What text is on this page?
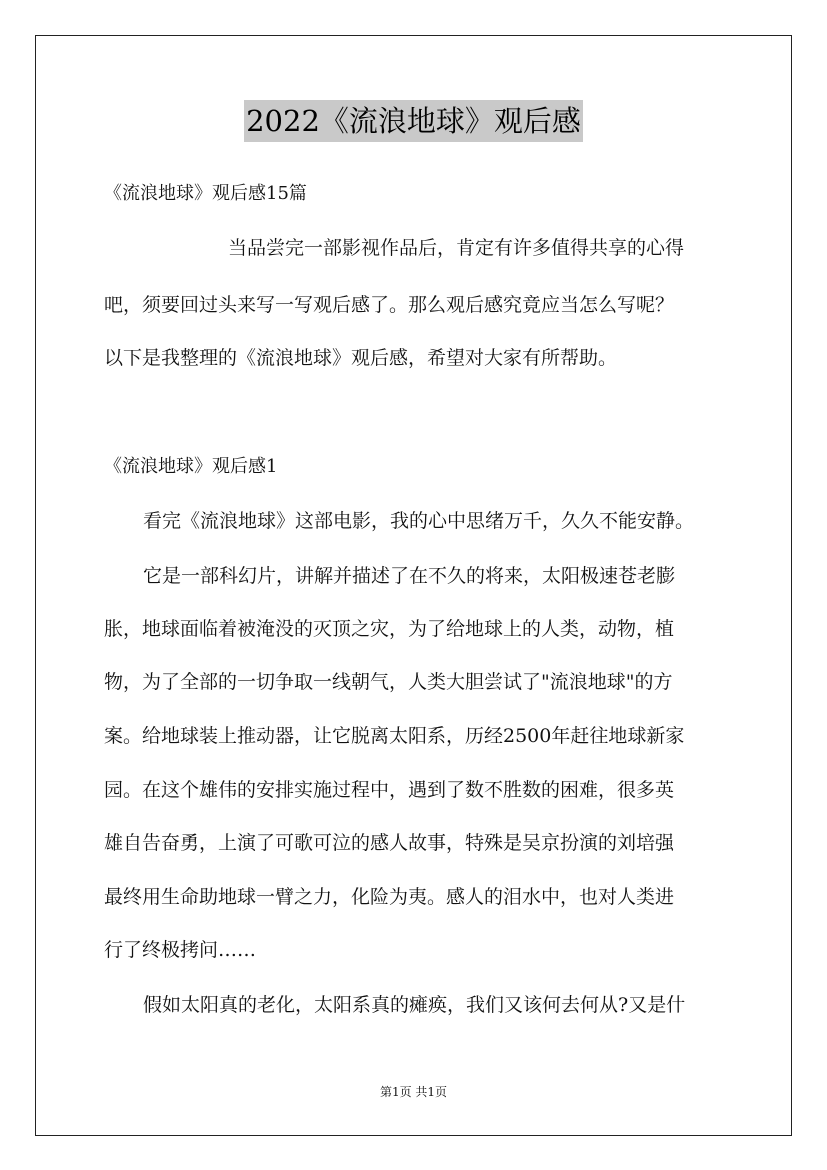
2022《流浪地球》观后感
《流浪地球》观后感15篇
当品尝完一部影视作品后，肯定有许多值得共享的心得
吧，须要回过头来写一写观后感了。那么观后感究竟应当怎么写呢？
以下是我整理的《流浪地球》观后感，希望对大家有所帮助。
《流浪地球》观后感1
看完《流浪地球》这部电影，我的心中思绪万千，久久不能安静。
它是一部科幻片，讲解并描述了在不久的将来，太阳极速苍老膨
胀，地球面临着被淹没的灭顶之灾，为了给地球上的人类，动物，植
物，为了全部的一切争取一线朝气，人类大胆尝试了"流浪地球"的方
案。给地球装上推动器，让它脱离太阳系，历经2500年赶往地球新家
园。在这个雄伟的安排实施过程中，遇到了数不胜数的困难，很多英
雄自告奋勇，上演了可歌可泣的感人故事，特殊是吴京扮演的刘培强
最终用生命助地球一臂之力，化险为夷。感人的泪水中，也对人类进
行了终极拷问……
假如太阳真的老化，太阳系真的瘫痪，我们又该何去何从?又是什
第1页 共1页
